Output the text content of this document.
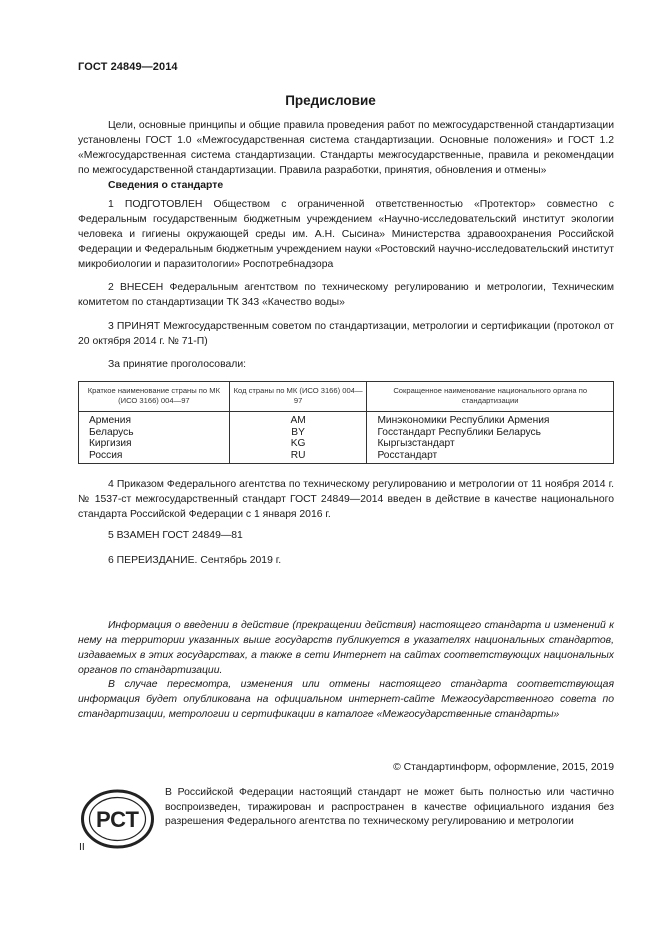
ГОСТ 24849—2014
Предисловие
Цели, основные принципы и общие правила проведения работ по межгосударственной стандартизации установлены ГОСТ 1.0 «Межгосударственная система стандартизации. Основные положения» и ГОСТ 1.2 «Межгосударственная система стандартизации. Стандарты межгосударственные, правила и рекомендации по межгосударственной стандартизации. Правила разработки, принятия, обновления и отмены»
Сведения о стандарте
1 ПОДГОТОВЛЕН Обществом с ограниченной ответственностью «Протектор» совместно с Федеральным государственным бюджетным учреждением «Научно-исследовательский институт экологии человека и гигиены окружающей среды им. А.Н. Сысина» Министерства здравоохранения Российской Федерации и Федеральным бюджетным учреждением науки «Ростовский научно-исследовательский институт микробиологии и паразитологии» Роспотребнадзора
2 ВНЕСЕН Федеральным агентством по техническому регулированию и метрологии, Техническим комитетом по стандартизации ТК 343 «Качество воды»
3 ПРИНЯТ Межгосударственным советом по стандартизации, метрологии и сертификации (протокол от 20 октября 2014 г. № 71-П)
За принятие проголосовали:
Краткое наименование страны по МК (ИСО 3166) 004—97	Код страны по МК (ИСО 3166) 004—97	Сокращенное наименование национального органа по стандартизации
Армения	AM	Минэкономики Республики Армения
Беларусь	BY	Госстандарт Республики Беларусь
Киргизия	KG	Кыргызстандарт
Россия	RU	Росстандарт
4 Приказом Федерального агентства по техническому регулированию и метрологии от 11 ноября 2014 г. № 1537-ст межгосударственный стандарт ГОСТ 24849—2014 введен в действие в качестве национального стандарта Российской Федерации с 1 января 2016 г.
5 ВЗАМЕН ГОСТ 24849—81
6 ПЕРЕИЗДАНИЕ. Сентябрь 2019 г.
Информация о введении в действие (прекращении действия) настоящего стандарта и изменений к нему на территории указанных выше государств публикуется в указателях национальных стандартов, издаваемых в этих государствах, а также в сети Интернет на сайтах соответствующих национальных органов по стандартизации.
В случае пересмотра, изменения или отмены настоящего стандарта соответствующая информация будет опубликована на официальном интернет-сайте Межгосударственного совета по стандартизации, метрологии и сертификации в каталоге «Межгосударственные стандарты»
© Стандартинформ, оформление, 2015, 2019
РСТ
В Российской Федерации настоящий стандарт не может быть полностью или частично воспроизведен, тиражирован и распространен в качестве официального издания без разрешения Федерального агентства по техническому регулированию и метрологии
II
